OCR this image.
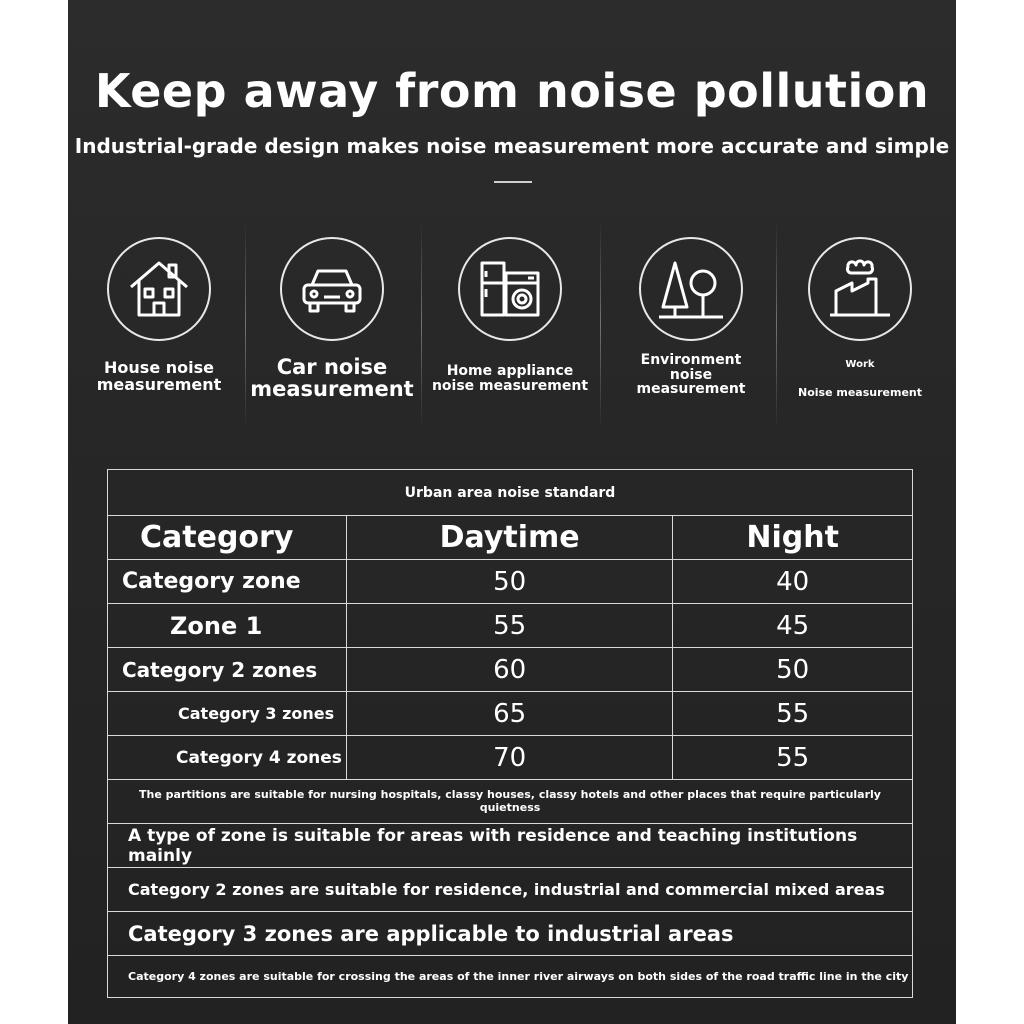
Keep away from noise pollution
Industrial-grade design makes noise measurement more accurate and simple
House noise
measurement
Car noise
measurement
Home appliance
noise measurement
Environment
noise
measurement
Work
Noise measurement
Urban area noise standard		
Category	Daytime	Night
Category zone	50	40
Zone 1	55	45
Category 2 zones	60	50
Category 3 zones	65	55
Category 4 zones	70	55
The partitions are suitable for nursing hospitals, classy houses, classy hotels and other places that require particularly quietness		
A type of zone is suitable for areas with residence and teaching institutions mainly		
Category 2 zones are suitable for residence, industrial and commercial mixed areas		
Category 3 zones are applicable to industrial areas		
Category 4 zones are suitable for crossing the areas of the inner river airways on both sides of the road traffic line in the city		
